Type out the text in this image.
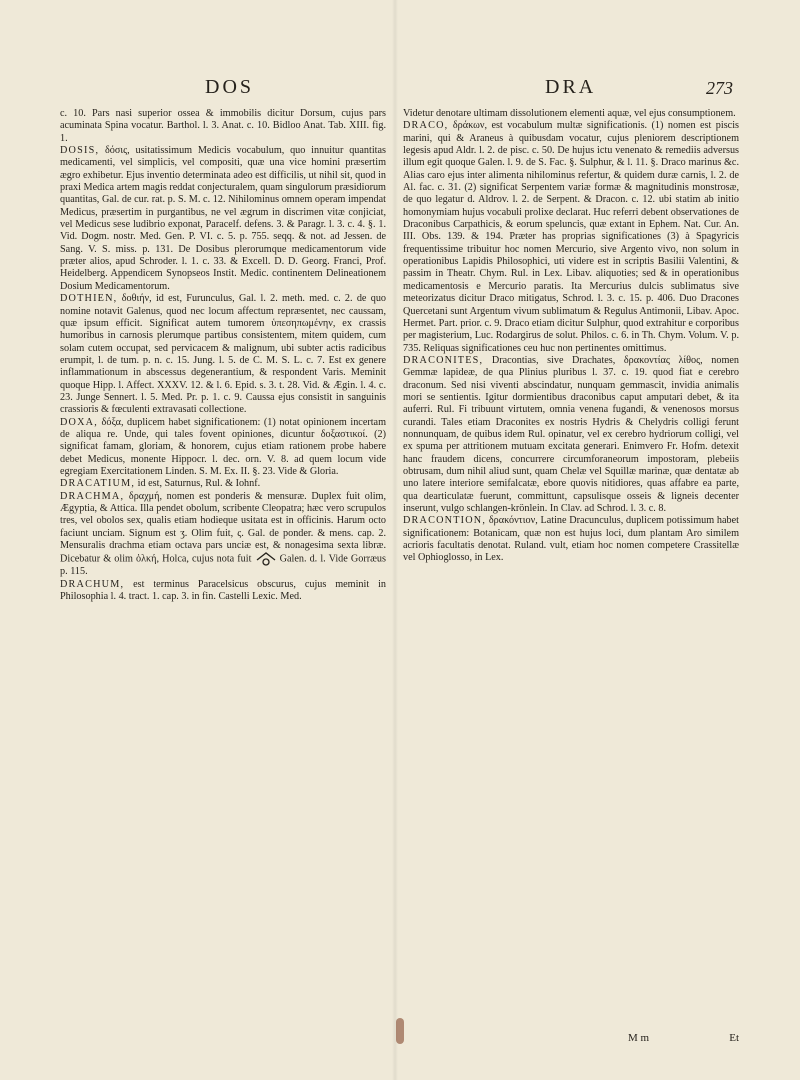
DOS	DRA	273

c. 10. Pars nasi superior ossea & immobilis dicitur Dorsum, cujus pars acuminata Spina vocatur. Barthol. l. 3. Anat. c. 10. Bidloo Anat. Tab. XIII. fig. 1.

DOSIS, δόσις, usitatissimum Medicis vocabulum, quo innuitur quantitas medicamenti, vel simplicis, vel compositi, quæ una vice homini præsertim ægro exhibetur. Ejus inventio determinata adeo est difficilis, ut nihil sit, quod in praxi Medica artem magis reddat conjecturalem, quam singulorum præsidiorum quantitas, Gal. de cur. rat. p. S. M. c. 12. Nihilominus omnem operam impendat Medicus, præsertim in purgantibus, ne vel ægrum in discrimen vitæ conjiciat, vel Medicus sese ludibrio exponat, Paracelf. defens. 3. & Paragr. l. 3. c. 4. §. 1. Vid. Dogm. nostr. Med. Gen. P. VI. c. 5. p. 755. seqq. & not. ad Jessen. de Sang. V. S. miss. p. 131. De Dosibus plerorumque medicamentorum vide præter alios, apud Schroder. l. 1. c. 33. & Excell. D. D. Georg. Franci, Prof. Heidelberg. Appendicem Synopseos Instit. Medic. continentem Delineationem Dosium Medicamentorum.

DOTHIEN, δοθιήν, id est, Furunculus, Gal. l. 2. meth. med. c. 2. de quo nomine notavit Galenus, quod nec locum affectum repræsentet, nec caussam, quæ ipsum efficit. Significat autem tumorem ὑπεσηπωμένην, ex crassis humoribus in carnosis plerumque partibus consistentem, mitem quidem, cum solam cutem occupat, sed pervicacem & malignum, ubi subter actis radicibus erumpit, l. de tum. p. n. c. 15. Jung. l. 5. de C. M. S. L. c. 7. Est ex genere inflammationum in abscessus degenerantium, & respondent Varis. Meminit quoque Hipp. l. Affect. XXXV. 12. & l. 6. Epid. s. 3. t. 28. Vid. & Ægin. l. 4. c. 23. Junge Sennert. l. 5. Med. Pr. p. 1. c. 9. Caussa ejus consistit in sanguinis crassioris & fœculenti extravasati collectione.

DOXA, δόξα, duplicem habet significationem: (1) notat opinionem incertam de aliqua re. Unde, qui tales fovent opiniones, dicuntur δοξαστικοί. (2) significat famam, gloriam, & honorem, cujus etiam rationem probe habere debet Medicus, monente Hippocr. l. dec. orn. V. 8. ad quem locum vide egregiam Exercitationem Linden. S. M. Ex. II. §. 23. Vide & Gloria.

DRACATIUM, id est, Saturnus, Rul. & Iohnf.

DRACHMA, δραχμή, nomen est ponderis & mensuræ. Duplex fuit olim, Ægyptia, & Attica. Illa pendet obolum, scribente Cleopatra; hæc vero scrupulos tres, vel obolos sex, qualis etiam hodieque usitata est in officinis. Harum octo faciunt unciam. Signum est ʒ. Olim fuit, ς. Gal. de ponder. & mens. cap. 2. Mensuralis drachma etiam octava pars unciæ est, & nonagesima sexta libræ. Dicebatur & olim ὁλκή, Holca, cujus nota fuit	Galen. d. l. Vide Gorræus p. 115.

DRACHUM, est terminus Paracelsicus obscurus, cujus meminit in Philosophia l. 4. tract. 1. cap. 3. in fin. Castelli Lexic. Med.

Videtur denotare ultimam dissolutionem elementi aquæ, vel ejus consumptionem.

DRACO, δράκων, est vocabulum multæ significationis. (1) nomen est piscis marini, qui & Araneus à quibusdam vocatur, cujus pleniorem descriptionem legesis apud Aldr. l. 2. de pisc. c. 50. De hujus ictu venenato & remediis adversus illum egit quoque Galen. l. 9. de S. Fac. §. Sulphur, & l. 11. §. Draco marinus &c. Alias caro ejus inter alimenta nihilominus refertur, & quidem duræ carnis, l. 2. de Al. fac. c. 31. (2) significat Serpentem variæ formæ & magnitudinis monstrosæ, de quo legatur d. Aldrov. l. 2. de Serpent. & Dracon. c. 12. ubi statim ab initio homonymiam hujus vocabuli prolixe declarat. Huc referri debent observationes de Draconibus Carpathicis, & eorum speluncis, quæ extant in Ephem. Nat. Cur. An. III. Obs. 139. & 194. Præter has proprias significationes (3) à Spagyricis frequentissime tribuitur hoc nomen Mercurio, sive Argento vivo, non solum in operationibus Lapidis Philosophici, uti videre est in scriptis Basilii Valentini, & passim in Theatr. Chym. Rul. in Lex. Libav. aliquoties; sed & in operationibus medicamentosis e Mercurio paratis. Ita Mercurius dulcis sublimatus sive meteorizatus dicitur Draco mitigatus, Schrod. l. 3. c. 15. p. 406. Duo Dracones Quercetani sunt Argentum vivum sublimatum & Regulus Antimonii, Libav. Apoc. Hermet. Part. prior. c. 9. Draco etiam dicitur Sulphur, quod extrahitur e corporibus per magisterium, Luc. Rodargirus de solut. Philos. c. 6. in Th. Chym. Volum. V. p. 735. Reliquas significationes ceu huc non pertinentes omittimus.

DRACONITES, Dracontias, sive Drachates, δρακοντίας λίθος, nomen Gemmæ lapideæ, de qua Plinius pluribus l. 37. c. 19. quod fiat e cerebro draconum. Sed nisi viventi abscindatur, nunquam gemmascit, invidia animalis mori se sentientis. Igitur dormientibus draconibus caput amputari debet, & ita auferri. Rul. Fi tribuunt virtutem, omnia venena fugandi, & venenosos morsus curandi. Tales etiam Draconites ex nostris Hydris & Chelydris colligi ferunt nonnunquam, de quibus idem Rul. opinatur, vel ex cerebro hydriorum colligi, vel ex spuma per attritionem mutuam excitata generari. Enimvero Fr. Hofm. detexit hanc fraudem dicens, concurrere circumforaneorum impostoram, plebeiis obtrusam, dum nihil aliud sunt, quam Chelæ vel Squillæ marinæ, quæ dentatæ ab uno latere interiore semifalcatæ, ebore quovis nitidiores, quas affabre ea parte, qua dearticulatæ fuerunt, committunt, capsulisque osseis & ligneis decenter inserunt, vulgo schlangen-krönlein. In Clav. ad Schrod. l. 3. c. 8.

DRACONTION, δρακόντιον, Latine Dracunculus, duplicem potissimum habet significationem: Botanicam, quæ non est hujus loci, dum plantam Aro similem acrioris facultatis denotat. Ruland. vult, etiam hoc nomen competere Crassitellæ vel Ophioglosso, in Lex.

M m	Et
